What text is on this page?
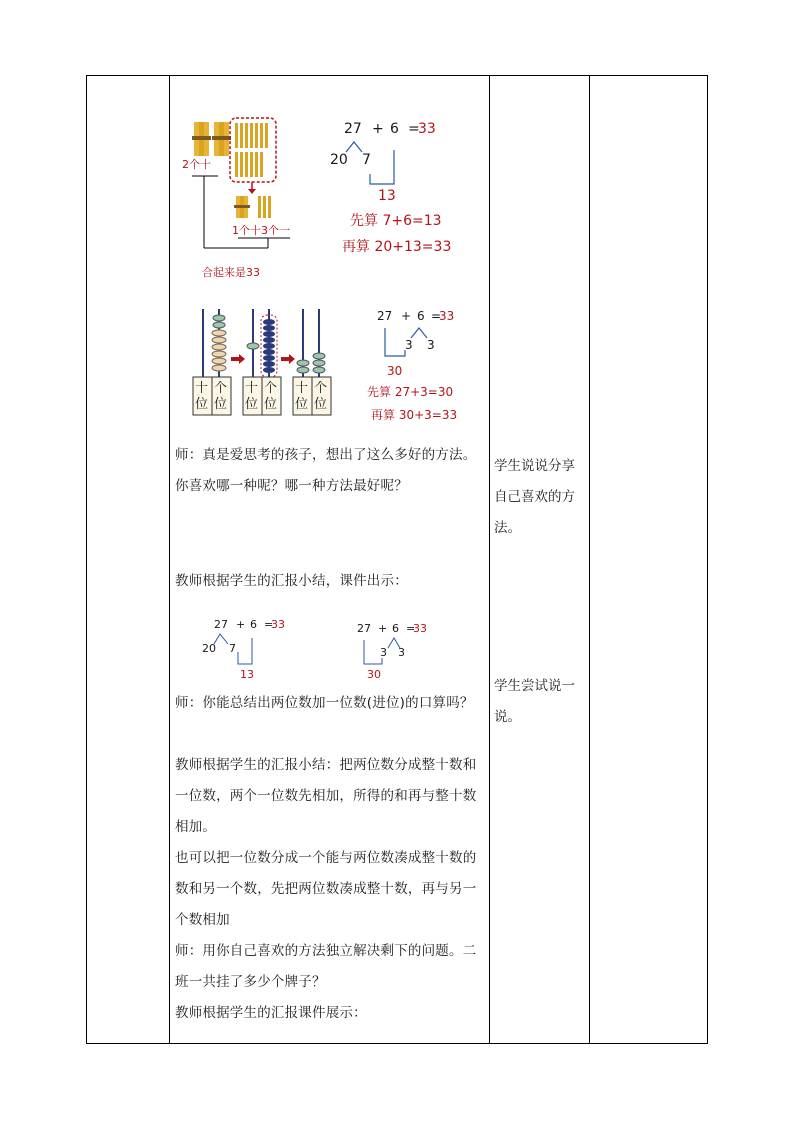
2个十
1个十3个一
合起来是33
27 + 6 =
33
20 7
13
先算 7+6=13
再算 20+13=33
十
位
个
位
十
位
个
位
十
位
个
位
27 + 6 =
33
3 3
30
先算 27+3=30
再算 30+3=33
师：真是爱思考的孩子，想出了这么多好的方法。你喜欢哪一种呢？哪一种方法最好呢？
教师根据学生的汇报小结，课件出示：
27 + 6 =
33
20 7
13
27 + 6 =
33
3 3
30
师：你能总结出两位数加一位数(进位)的口算吗？
教师根据学生的汇报小结：把两位数分成整十数和一位数，两个一位数先相加，所得的和再与整十数相加。
也可以把一位数分成一个能与两位数凑成整十数的数和另一个数，先把两位数凑成整十数，再与另一个数相加
师：用你自己喜欢的方法独立解决剩下的问题。二班一共挂了多少个牌子？
教师根据学生的汇报课件展示：
学生说说分享自己喜欢的方法。
学生尝试说一说。
